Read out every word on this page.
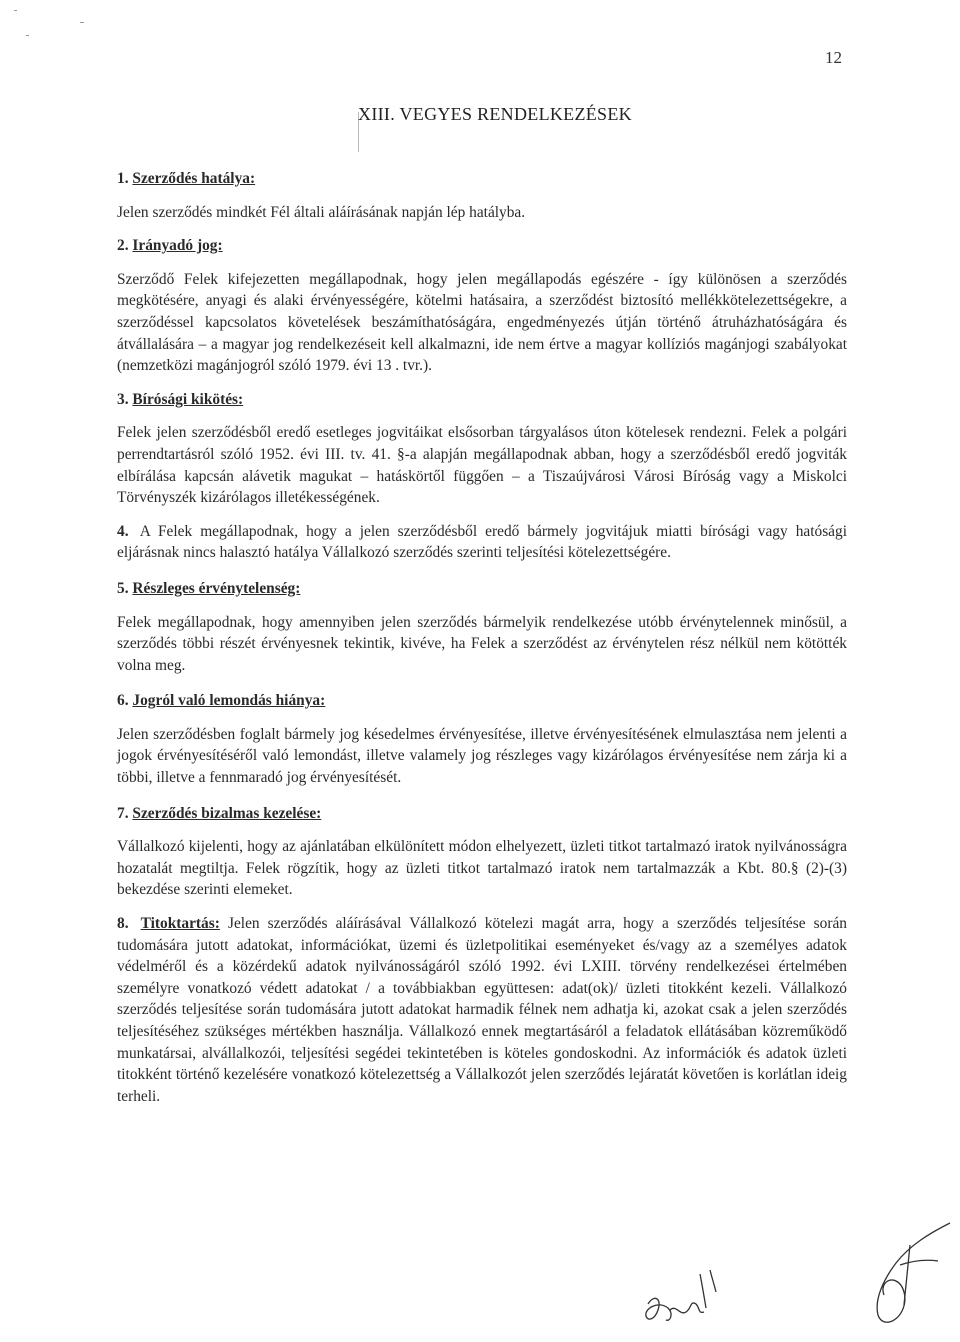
12
XIII. VEGYES RENDELKEZÉSEK
1. Szerződés hatálya:

Jelen szerződés mindkét Fél általi aláírásának napján lép hatályba.

2. Irányadó jog:

Szerződő Felek kifejezetten megállapodnak, hogy jelen megállapodás egészére - így különösen a szerződés megkötésére, anyagi és alaki érvényességére, kötelmi hatásaira, a szerződést biztosító mellékkötelezettségekre, a szerződéssel kapcsolatos követelések beszámíthatóságára, engedményezés útján történő átruházhatóságára és átvállalására – a magyar jog rendelkezéseit kell alkalmazni, ide nem értve a magyar kollíziós magánjogi szabályokat (nemzetközi magánjogról szóló 1979. évi 13 . tvr.).

3. Bírósági kikötés:

Felek jelen szerződésből eredő esetleges jogvitáikat elsősorban tárgyalásos úton kötelesek rendezni. Felek a polgári perrendtartásról szóló 1952. évi III. tv. 41. §-a alapján megállapodnak abban, hogy a szerződésből eredő jogviták elbírálása kapcsán alávetik magukat – hatáskörtől függően – a Tiszaújvárosi Városi Bíróság vagy a Miskolci Törvényszék kizárólagos illetékességének.

4. A Felek megállapodnak, hogy a jelen szerződésből eredő bármely jogvitájuk miatti bírósági vagy hatósági eljárásnak nincs halasztó hatálya Vállalkozó szerződés szerinti teljesítési kötelezettségére.

5. Részleges érvénytelenség:

Felek megállapodnak, hogy amennyiben jelen szerződés bármelyik rendelkezése utóbb érvénytelennek minősül, a szerződés többi részét érvényesnek tekintik, kivéve, ha Felek a szerződést az érvénytelen rész nélkül nem kötötték volna meg.

6. Jogról való lemondás hiánya:

Jelen szerződésben foglalt bármely jog késedelmes érvényesítése, illetve érvényesítésének elmulasztása nem jelenti a jogok érvényesítéséről való lemondást, illetve valamely jog részleges vagy kizárólagos érvényesítése nem zárja ki a többi, illetve a fennmaradó jog érvényesítését.

7. Szerződés bizalmas kezelése:

Vállalkozó kijelenti, hogy az ajánlatában elkülönített módon elhelyezett, üzleti titkot tartalmazó iratok nyilvánosságra hozatalát megtiltja. Felek rögzítik, hogy az üzleti titkot tartalmazó iratok nem tartalmazzák a Kbt. 80.§ (2)-(3) bekezdése szerinti elemeket.

8. Titoktartás: Jelen szerződés aláírásával Vállalkozó kötelezi magát arra, hogy a szerződés teljesítése során tudomására jutott adatokat, információkat, üzemi és üzletpolitikai eseményeket és/vagy az a személyes adatok védelméről és a közérdekű adatok nyilvánosságáról szóló 1992. évi LXIII. törvény rendelkezései értelmében személyre vonatkozó védett adatokat / a továbbiakban együttesen: adat(ok)/ üzleti titokként kezeli. Vállalkozó szerződés teljesítése során tudomására jutott adatokat harmadik félnek nem adhatja ki, azokat csak a jelen szerződés teljesítéséhez szükséges mértékben használja. Vállalkozó ennek megtartásáról a feladatok ellátásában közreműködő munkatársai, alvállalkozói, teljesítési segédei tekintetében is köteles gondoskodni. Az információk és adatok üzleti titokként történő kezelésére vonatkozó kötelezettség a Vállalkozót jelen szerződés lejáratát követően is korlátlan ideig terheli.
